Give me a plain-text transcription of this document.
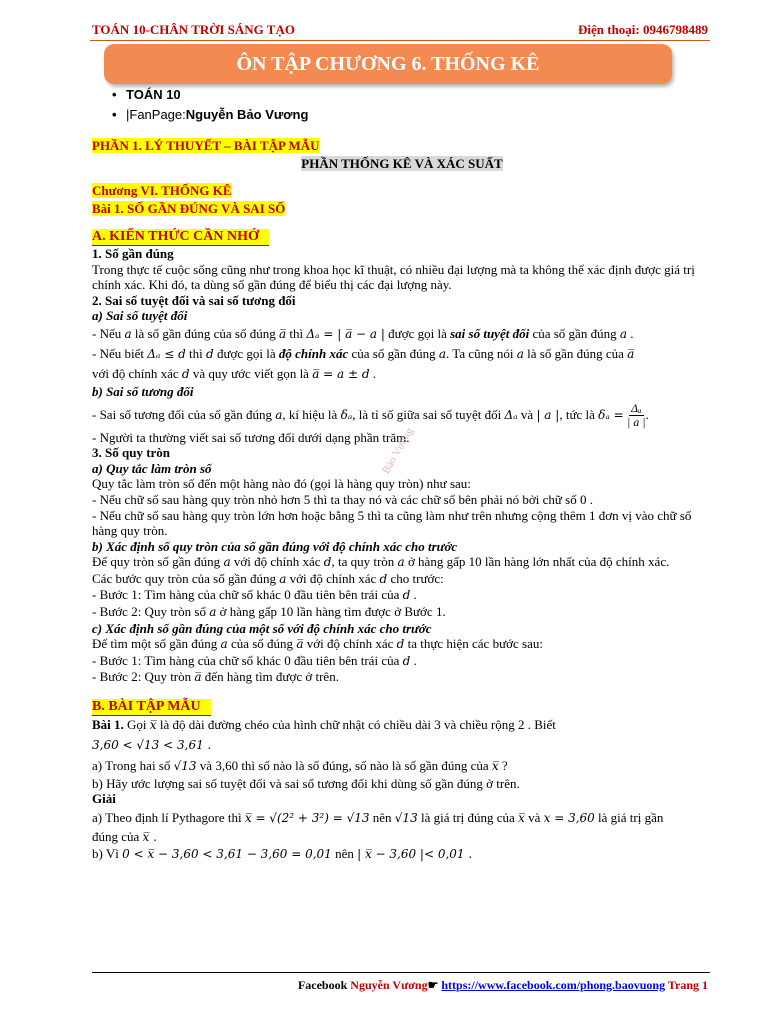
TOÁN 10-CHÂN TRỜI SÁNG TẠO	Điện thoại: 0946798489
ÔN TẬP CHƯƠNG 6. THỐNG KÊ
• TOÁN 10
• |FanPage: Nguyễn Bảo Vương

PHẦN 1. LÝ THUYẾT – BÀI TẬP MẪU

PHẦN THỐNG KÊ VÀ XÁC SUẤT

Chương VI. THỐNG KÊ

Bài 1. SỐ GẦN ĐÚNG VÀ SAI SỐ

A. KIẾN THỨC CẦN NHỚ

1. Số gần đúng

Trong thực tế cuộc sống cũng như trong khoa học kĩ thuật, có nhiều đại lượng mà ta không thể xác định được giá trị chính xác. Khi đó, ta dùng số gần đúng để biểu thị các đại lượng này.

2. Sai số tuyệt đối và sai số tương đối

a) Sai số tuyệt đối

- Nếu a là số gần đúng của số đúng a̅ thì Δₐ = | a̅ − a | được gọi là sai số tuyệt đối của số gần đúng a .

- Nếu biết Δₐ ≤ d thì d được gọi là độ chính xác của số gần đúng a. Ta cũng nói a là số gần đúng của a̅

với độ chính xác d và quy ước viết gọn là a̅ = a ± d .

b) Sai số tương đối

- Sai số tương đối của số gần đúng a, kí hiệu là δₐ, là tỉ số giữa sai số tuyệt đối Δₐ và | a |, tức là $\delta_a = \frac{\text{Δₐ}}{| a |}$ .

- Người ta thường viết sai số tương đối dưới dạng phần trăm.

3. Số quy tròn

a) Quy tắc làm tròn số

Quy tắc làm tròn số đến một hàng nào đó (gọi là hàng quy tròn) như sau:

- Nếu chữ số sau hàng quy tròn nhỏ hơn 5 thì ta thay nó và các chữ số bên phải nó bởi chữ số 0 .

- Nếu chữ số sau hàng quy tròn lớn hơn hoặc bằng 5 thì ta cũng làm như trên nhưng cộng thêm 1 đơn vị vào chữ số hàng quy tròn.

b) Xác định số quy tròn của số gần đúng với độ chính xác cho trước

Để quy tròn số gần đúng a với độ chính xác d, ta quy tròn a ở hàng gấp 10 lần hàng lớn nhất của độ chính xác.

Các bước quy tròn của số gần đúng a với độ chính xác d cho trước:

- Bước 1: Tìm hàng của chữ số khác 0 đầu tiên bên trái của d .

- Bước 2: Quy tròn số a ở hàng gấp 10 lần hàng tìm được ở Bước 1.

c) Xác định số gần đúng của một số với độ chính xác cho trước

Để tìm một số gần đúng a của số đúng a̅ với độ chính xác d ta thực hiện các bước sau:

- Bước 1: Tìm hàng của chữ số khác 0 đầu tiên bên trái của d .

- Bước 2: Quy tròn a̅ đến hàng tìm được ở trên.

B. BÀI TẬP MẪU

Bài 1. Gọi x̅ là độ dài đường chéo của hình chữ nhật có chiều dài 3 và chiều rộng 2 . Biết

3,60 < √13 < 3,61 .

a) Trong hai số √13 và 3,60 thì số nào là số đúng, số nào là số gần đúng của x̅ ?

b) Hãy ước lượng sai số tuyệt đối và sai số tương đối khi dùng số gần đúng ở trên.

Giải

a) Theo định lí Pythagore thì x̅ = √(2² + 3²) = √13 nên √13 là giá trị đúng của x̅ và x = 3,60 là giá trị gần

đúng của x̅ .

b) Vì 0 < x̅ − 3,60 < 3,61 − 3,60 = 0,01 nên | x̅ − 3,60 |< 0,01 .

Bảo Vương
Facebook Nguyễn Vương☛ https://www.facebook.com/phong.baovuong Trang 1
